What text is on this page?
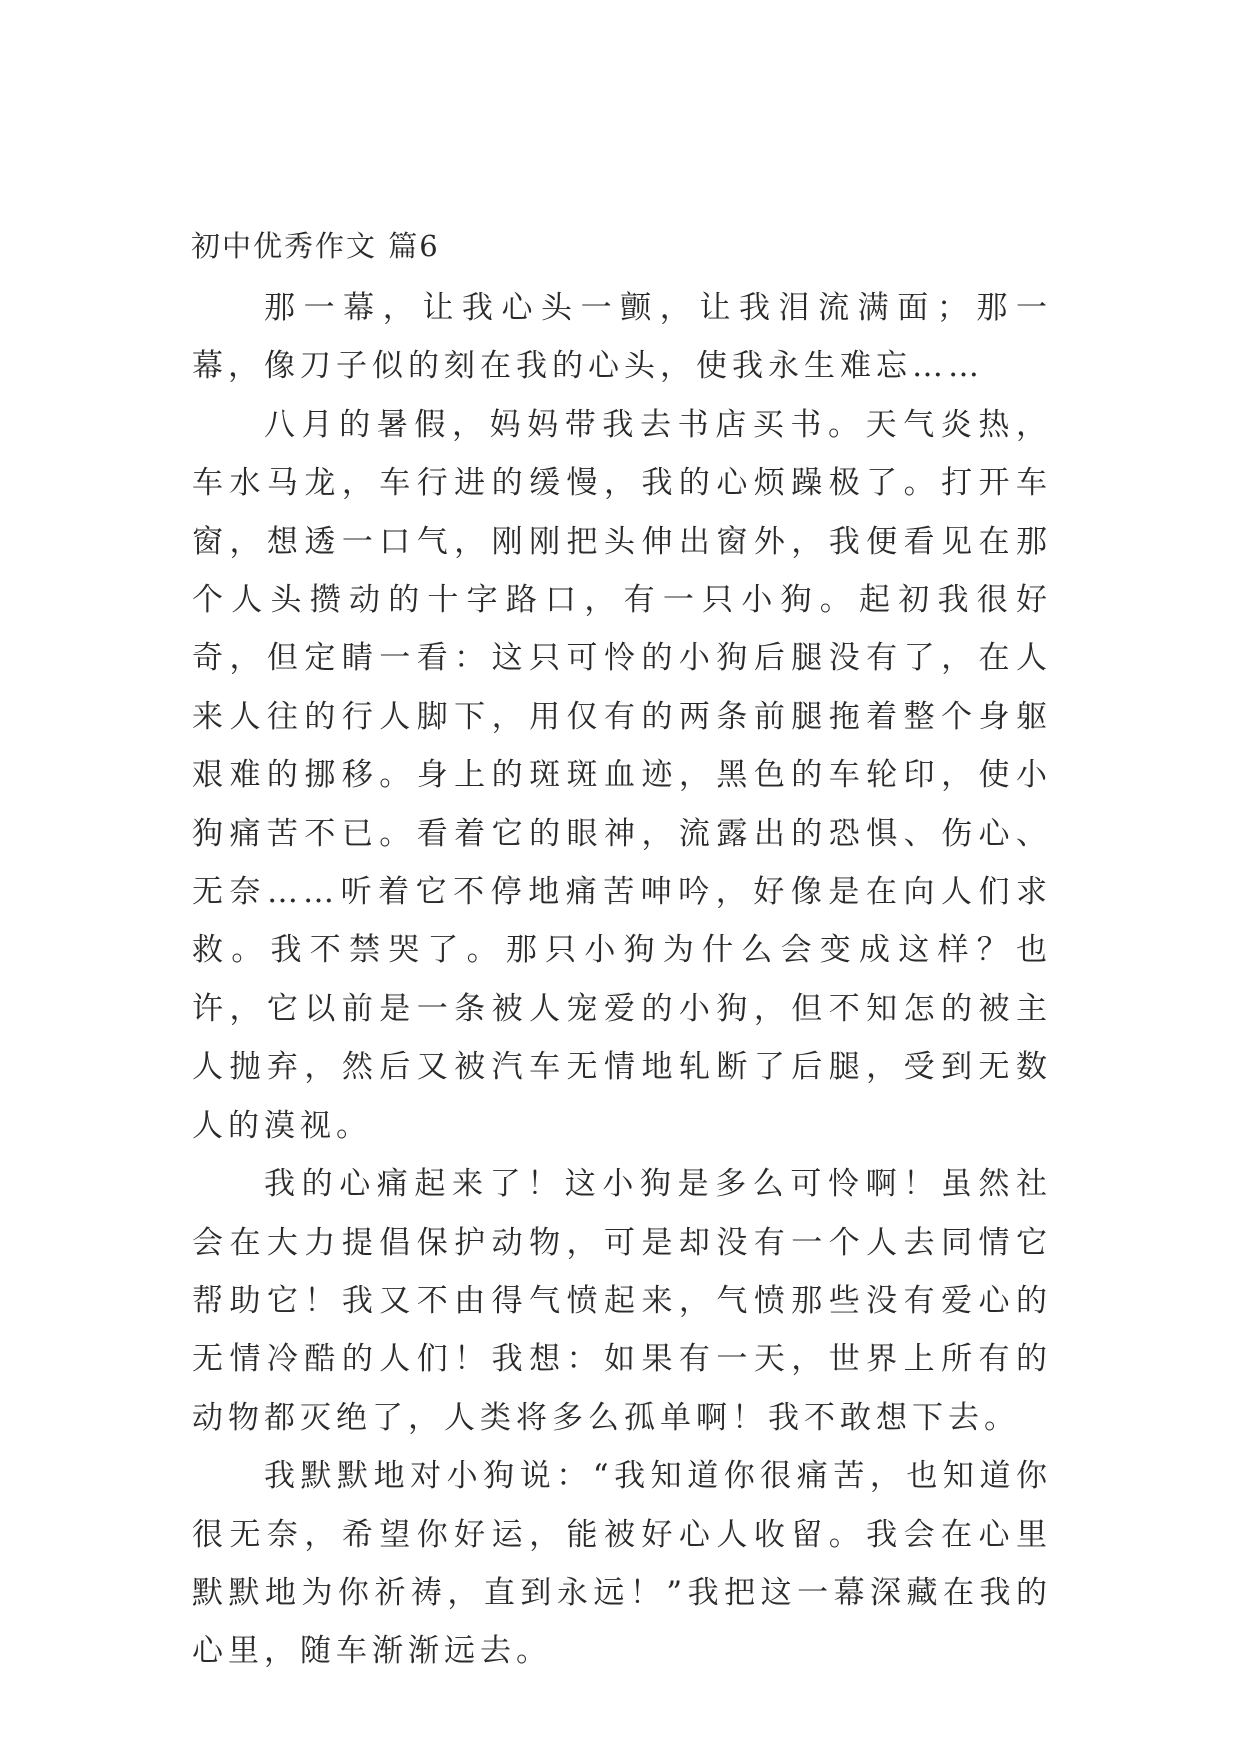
初中优秀作文 篇6

那一幕，让我心头一颤，让我泪流满面；那一幕，像刀子似的刻在我的心头，使我永生难忘……

八月的暑假，妈妈带我去书店买书。天气炎热，车水马龙，车行进的缓慢，我的心烦躁极了。打开车窗，想透一口气，刚刚把头伸出窗外，我便看见在那个人头攒动的十字路口，有一只小狗。起初我很好奇，但定睛一看：这只可怜的小狗后腿没有了，在人来人往的行人脚下，用仅有的两条前腿拖着整个身躯艰难的挪移。身上的斑斑血迹，黑色的车轮印，使小狗痛苦不已。看着它的眼神，流露出的恐惧、伤心、无奈……听着它不停地痛苦呻吟，好像是在向人们求救。我不禁哭了。那只小狗为什么会变成这样？也许，它以前是一条被人宠爱的小狗，但不知怎的被主人抛弃，然后又被汽车无情地轧断了后腿，受到无数人的漠视。

我的心痛起来了！这小狗是多么可怜啊！虽然社会在大力提倡保护动物，可是却没有一个人去同情它帮助它！我又不由得气愤起来，气愤那些没有爱心的无情冷酷的人们！我想：如果有一天，世界上所有的动物都灭绝了，人类将多么孤单啊！我不敢想下去。

我默默地对小狗说：“我知道你很痛苦，也知道你很无奈，希望你好运，能被好心人收留。我会在心里默默地为你祈祷，直到永远！”我把这一幕深藏在我的心里，随车渐渐远去。
